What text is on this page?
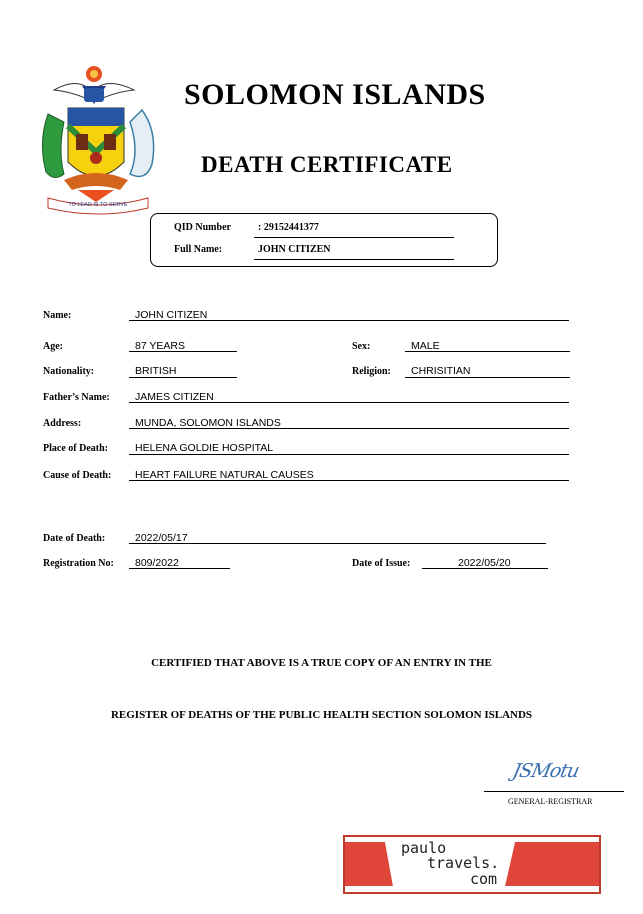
TO LEAD IS TO SERVE
SOLOMON ISLANDS
DEATH CERTIFICATE
QID Number	: 29152441377
Full Name:	JOHN CITIZEN
Name:	JOHN CITIZEN
Age:	87 YEARS	Sex:	MALE
Nationality:	BRITISH	Religion: CHRISITIAN
Father’s Name: JAMES CITIZEN
Address:	MUNDA, SOLOMON ISLANDS
Place of Death:	HELENA GOLDIE HOSPITAL
Cause of Death: HEART FAILURE NATURAL CAUSES
Date of Death:	2022/05/17
Registration No: 809/2022	Date of Issue:	2022/05/20
CERTIFIED THAT ABOVE IS A TRUE COPY OF AN ENTRY IN THE
REGISTER OF DEATHS OF THE PUBLIC HEALTH SECTION SOLOMON ISLANDS
JSMotu
GENERAL-REGISTRAR
paulo
travels.
com
